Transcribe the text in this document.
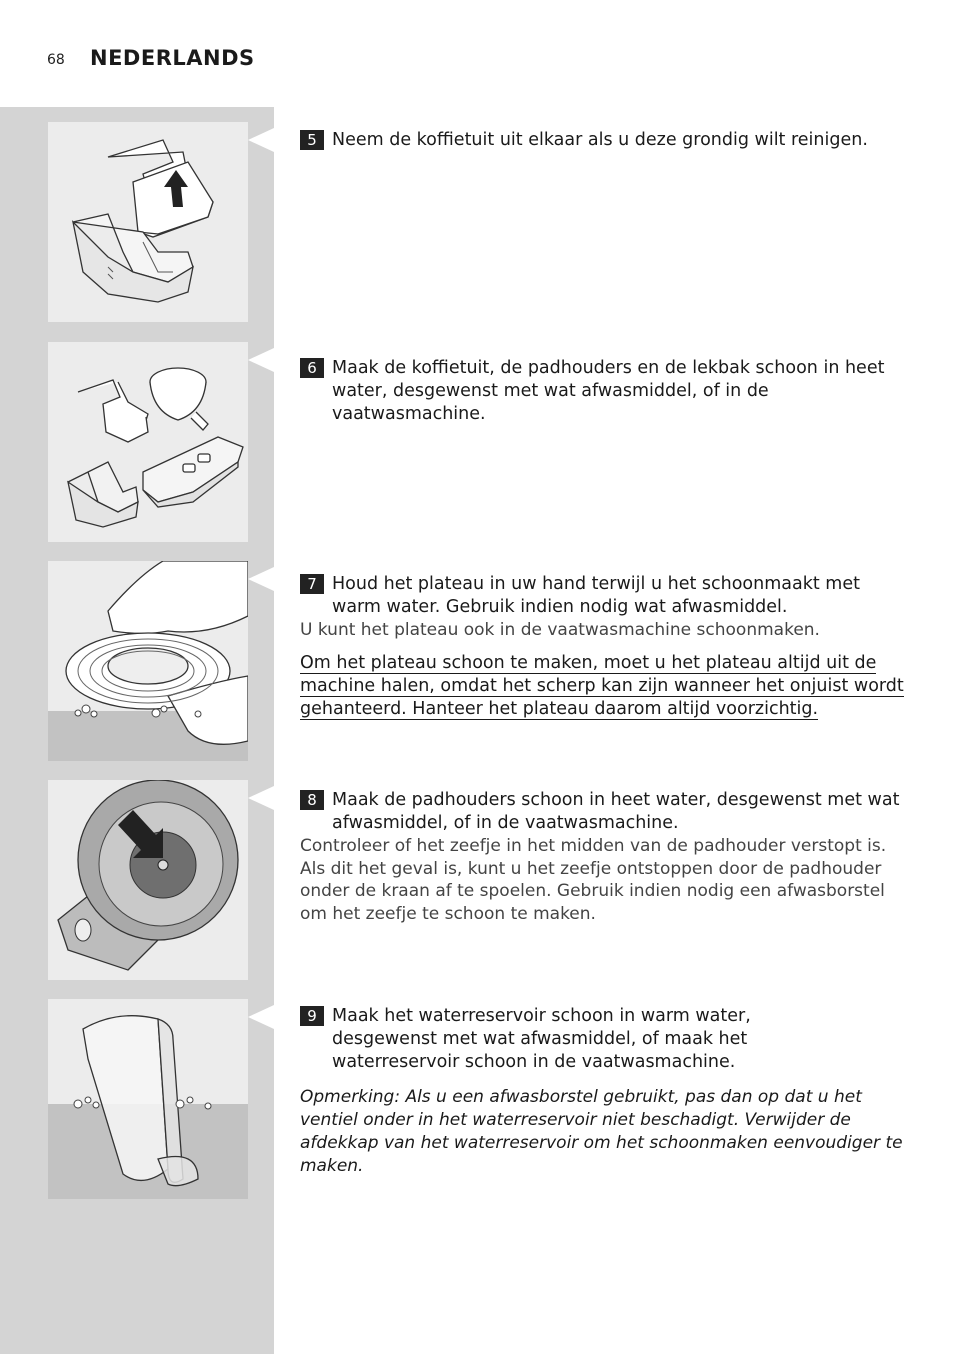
68 NEDERLANDS
5 Neem de koffietuit uit elkaar als u deze grondig wilt reinigen.
6 Maak de koffietuit, de padhouders en de lekbak schoon in heet water, desgewenst met wat afwasmiddel, of in de vaatwasmachine.
7 Houd het plateau in uw hand terwijl u het schoonmaakt met warm water. Gebruik indien nodig wat afwasmiddel.
U kunt het plateau ook in de vaatwasmachine schoonmaken.
Om het plateau schoon te maken, moet u het plateau altijd uit de machine halen, omdat het scherp kan zijn wanneer het onjuist wordt gehanteerd. Hanteer het plateau daarom altijd voorzichtig.
8 Maak de padhouders schoon in heet water, desgewenst met wat afwasmiddel, of in de vaatwasmachine.
Controleer of het zeefje in het midden van de padhouder verstopt is. Als dit het geval is, kunt u het zeefje ontstoppen door de padhouder onder de kraan af te spoelen. Gebruik indien nodig een afwasborstel om het zeefje te schoon te maken.
9 Maak het waterreservoir schoon in warm water, desgewenst met wat afwasmiddel, of maak het waterreservoir schoon in de vaatwasmachine.
Opmerking: Als u een afwasborstel gebruikt, pas dan op dat u het ventiel onder in het waterreservoir niet beschadigt. Verwijder de afdekkap van het waterreservoir om het schoonmaken eenvoudiger te maken.
